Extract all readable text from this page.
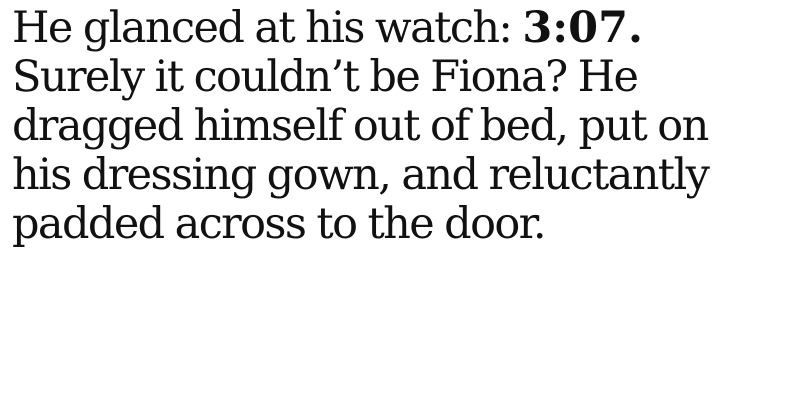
He glanced at his watch: 3:07.
Surely it couldn’t be Fiona? He
dragged himself out of bed, put on
his dressing gown, and reluctantly
padded across to the door.
